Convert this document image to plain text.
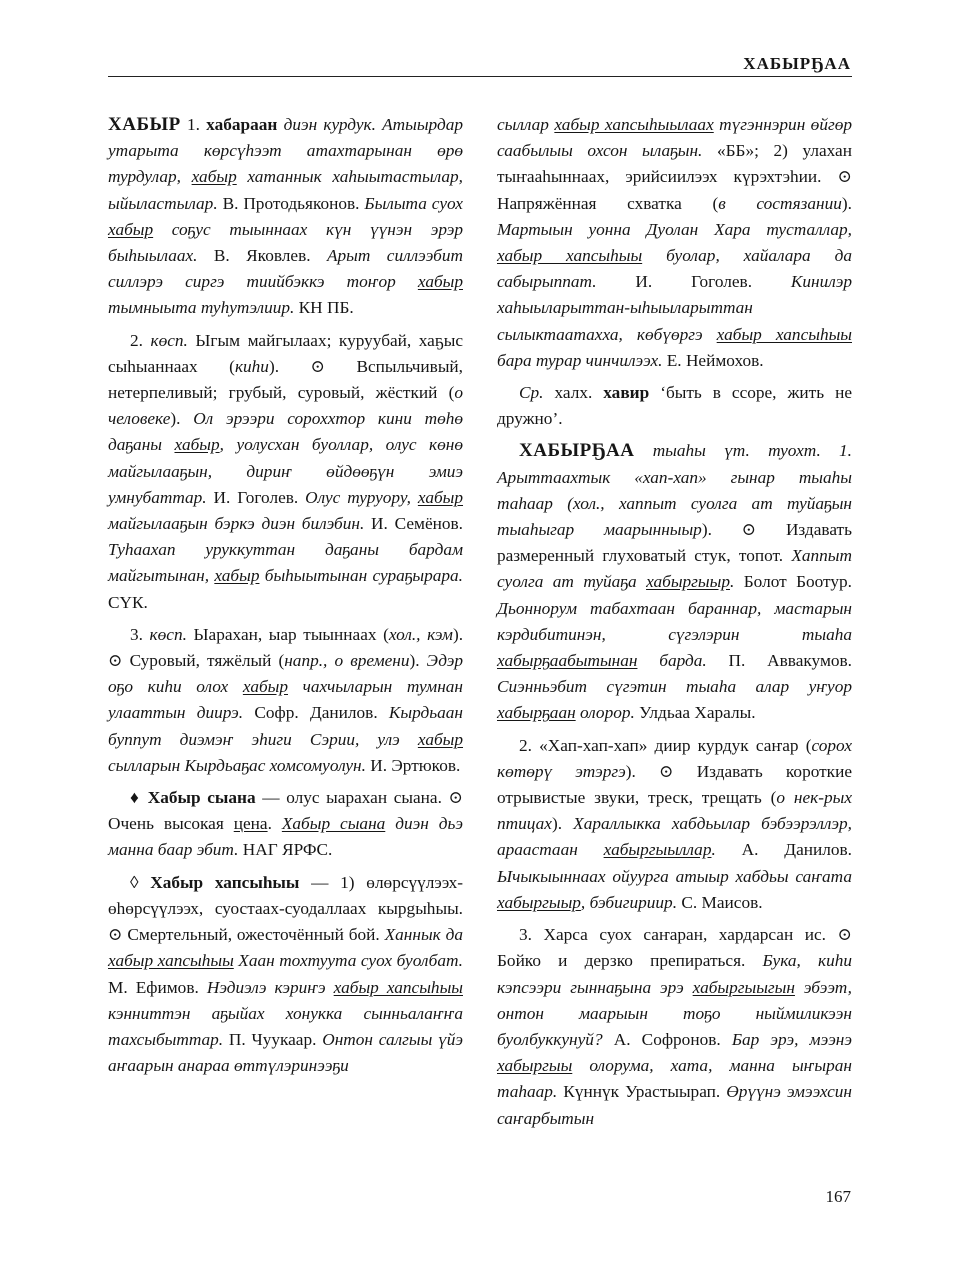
ХАБЫРҔАА

ХАБЫР 1. хабараан диэн курдук. Атыырдар утарыта көрсүһээт атахтарынан өрө турдулар, хабыр хатаннык хаһыытастылар, ыйыластылар. В. Протодьяконов. Былыта суох хабыр соҕус тыыннаах күн үүнэн эрэр быһыылаах. В. Яковлев. Арыт силлээбит силлэрэ сиргэ тиийбэккэ тоҥор хабыр тымныыта туһутэлиир. КН ПБ.

2. көсп. Ыгым майгылаах; куруубай, хаҕыс сыһыаннаах (киһи). ⊙ Вспыльчивый, нетерпеливый; грубый, суровый, жёсткий (о человеке). Ол эрээри сороххтор кини төһө даҕаны хабыр, уолусхан буоллар, олус көнө майгылааҕын, дириҥ өйдөөҕүн эмиэ умнубаттар. И. Гоголев. Олус туруору, хабыр майгылааҕын бэркэ диэн билэбин. И. Семёнов. Туһаахап уруккуттан даҕаны бардам майгытынан, хабыр быһыытынан сураҕырара. СҮК.

3. көсп. Ыарахан, ыар тыыннаах (хол., кэм). ⊙ Суровый, тяжёлый (напр., о времени). Эдэр оҕо киһи олох хабыр чахчыларын тумнан улааттын диирэ. Софр. Данилов. Кырдьаан буппут диэмэҥ эһиги Сэрии, улэ хабыр сылларын Кырдьаҕас хомсомуолун. И. Эртюков.

♦ Хабыр сыана — олус ыарахан сыана. ⊙ Очень высокая цена. Хабыр сыана диэн дьэ манна баар эбит. НАГ ЯРФС.

◊ Хабыр хапсыһыы — 1) өлөрсүүлээх-өһөрсүүлээх, суостаах-суодаллаах кырgыһыы. ⊙ Смертельный, ожесточённый бой. Ханнык да хабыр хапсыһыы Хаан тохтуута суох буолбат. М. Ефимов. Нэдиэлэ кэриҥэ хабыр хапсыһыы кэнниттэн аҕыйах хонукка сынньалаҥҥа тахсыбыттар. П. Чуукаар. Онтон салгыы үйэ аҥаарын анараа өттүлэринээҕи

сыллар хабыр хапсыһыылаах түгэннэрин өйгөр саабылыы охсон ылаҕын. «ББ»; 2) улахан тыҥааһыннаах, эрийсиилээх күрэхтэһии. ⊙ Напряжённая схватка (в состязании). Мартыын уонна Дуолан Хара тусталлар, хабыр хапсыһыы буолар, хайалара да сабырыппат. И. Гоголев. Кинилэр хаһыыларыттан-ыһыыларыттан сылыктаатахха, көбүөргэ хабыр хапсыһыы бара турар чинчилээх. Е. Неймохов.

Ср. халх. хавир ‘быть в ссоре, жить не дружно’.

ХАБЫРҔАА тыаһы үт. туохт. 1. Арыттаахтык «хап-хап» гынар тыаһы таһаар (хол., хаппыт суолга ат туйаҕын тыаһыгар маарынныыр). ⊙ Издавать размеренный глуховатый стук, топот. Хаппыт суолга ат туйаҕа хабыргыыр. Болот Боотур. Дьоннорум табахтаан бараннар, мастарын кэрдибитинэн, сүгэлэрин тыаһа хабырҕаабытынан барда. П. Аввакумов. Сиэнньэбит сүгэтин тыаһа алар уҥуор хабырҕаан олорор. Улдьаа Харалы.

2. «Хап-хап-хап» диир курдук саҥар (сорох көтөрү этэргэ). ⊙ Издавать короткие отрывистые звуки, треск, трещать (о нек-рых птицах). Хараллыкка хабдьылар бэбээрэллэр, араастаан хабыргыыллар. А. Данилов. Ычыкыыннаах ойуурга атыыр хабдьы саҥата хабыргыыр, бэбигириир. С. Маисов.

3. Харса суох саҥаран, хардарсан ис. ⊙ Бойко и дерзко препираться. Бука, киһи кэпсээри гыннаҕына эрэ хабыргыыгын эбээт, онтон маарыын тоҕо ныймиликээн буолбуккунуй? А. Софронов. Бар эрэ, мээнэ хабыргыы олорума, хата, манна ыҥыран таһаар. Күннүк Урастыырап. Өрүүнэ эмээхсин саҥарбытын

167
